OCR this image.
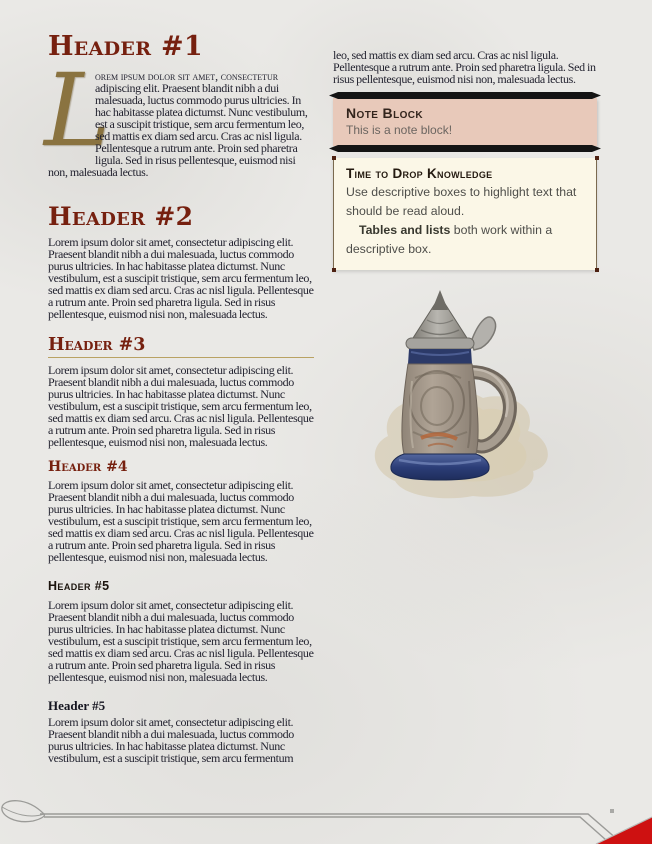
Header #1

L
orem ipsum dolor sit amet, consectetur adipiscing elit. Praesent blandit nibh a dui malesuada, luctus commodo purus ultricies. In hac habitasse platea dictumst. Nunc vestibulum, est a suscipit tristique, sem arcu fermentum leo, sed mattis ex diam sed arcu. Cras ac nisl ligula. Pellentesque a rutrum ante. Proin sed pharetra ligula. Sed in risus pellentesque, euismod nisi non, malesuada lectus.

Header #2

Lorem ipsum dolor sit amet, consectetur adipiscing elit. Praesent blandit nibh a dui malesuada, luctus commodo purus ultricies. In hac habitasse platea dictumst. Nunc vestibulum, est a suscipit tristique, sem arcu fermentum leo, sed mattis ex diam sed arcu. Cras ac nisl ligula. Pellentesque a rutrum ante. Proin sed pharetra ligula. Sed in risus pellentesque, euismod nisi non, malesuada lectus.

Header #3

Lorem ipsum dolor sit amet, consectetur adipiscing elit. Praesent blandit nibh a dui malesuada, luctus commodo purus ultricies. In hac habitasse platea dictumst. Nunc vestibulum, est a suscipit tristique, sem arcu fermentum leo, sed mattis ex diam sed arcu. Cras ac nisl ligula. Pellentesque a rutrum ante. Proin sed pharetra ligula. Sed in risus pellentesque, euismod nisi non, malesuada lectus.

Header #4

Lorem ipsum dolor sit amet, consectetur adipiscing elit. Praesent blandit nibh a dui malesuada, luctus commodo purus ultricies. In hac habitasse platea dictumst. Nunc vestibulum, est a suscipit tristique, sem arcu fermentum leo, sed mattis ex diam sed arcu. Cras ac nisl ligula. Pellentesque a rutrum ante. Proin sed pharetra ligula. Sed in risus pellentesque, euismod nisi non, malesuada lectus.

Header #5

Lorem ipsum dolor sit amet, consectetur adipiscing elit. Praesent blandit nibh a dui malesuada, luctus commodo purus ultricies. In hac habitasse platea dictumst. Nunc vestibulum, est a suscipit tristique, sem arcu fermentum leo, sed mattis ex diam sed arcu. Cras ac nisl ligula. Pellentesque a rutrum ante. Proin sed pharetra ligula. Sed in risus pellentesque, euismod nisi non, malesuada lectus.

Header #5

Lorem ipsum dolor sit amet, consectetur adipiscing elit. Praesent blandit nibh a dui malesuada, luctus commodo purus ultricies. In hac habitasse platea dictumst. Nunc vestibulum, est a suscipit tristique, sem arcu fermentum

leo, sed mattis ex diam sed arcu. Cras ac nisl ligula. Pellentesque a rutrum ante. Proin sed pharetra ligula. Sed in risus pellentesque, euismod nisi non, malesuada lectus.

Note Block
This is a note block!
Time to Drop Knowledge

Use descriptive boxes to highlight text that should be read aloud.

Tables and lists both work within a descriptive box.
